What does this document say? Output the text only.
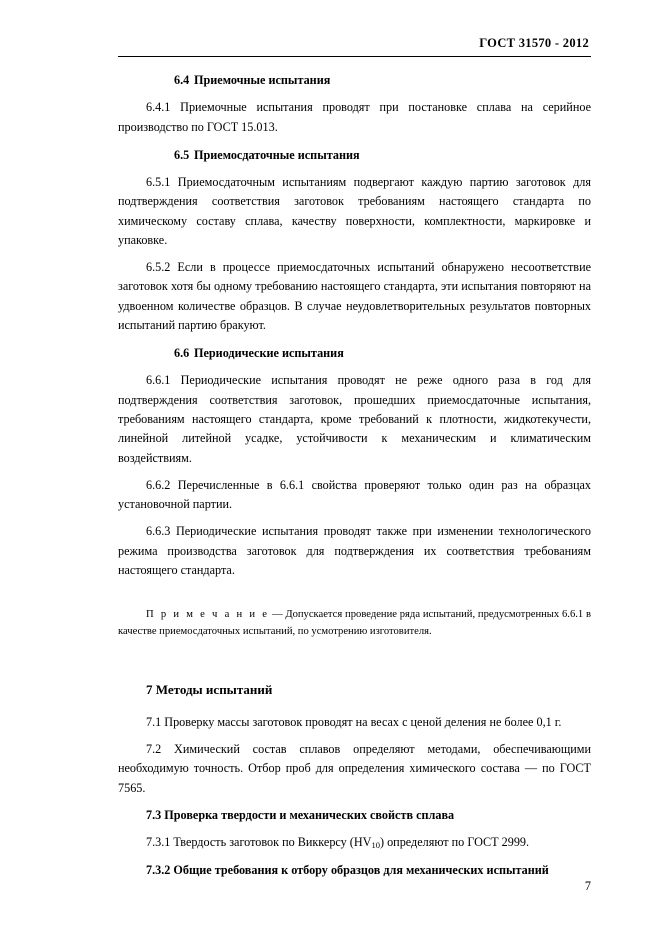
ГОСТ 31570 - 2012

6.4 Приемочные испытания

6.4.1 Приемочные испытания проводят при постановке сплава на серийное производство по ГОСТ 15.013.

6.5 Приемосдаточные испытания

6.5.1 Приемосдаточным испытаниям подвергают каждую партию заготовок для подтверждения соответствия заготовок требованиям настоящего стандарта по химическому составу сплава, качеству поверхности, комплектности, маркировке и упаковке.

6.5.2 Если в процессе приемосдаточных испытаний обнаружено несоответствие заготовок хотя бы одному требованию настоящего стандарта, эти испытания повторяют на удвоенном количестве образцов. В случае неудовлетворительных результатов повторных испытаний партию бракуют.

6.6 Периодические испытания

6.6.1 Периодические испытания проводят не реже одного раза в год для подтверждения соответствия заготовок, прошедших приемосдаточные испытания, требованиям настоящего стандарта, кроме требований к плотности, жидкотекучести, линейной литейной усадке, устойчивости к механическим и климатическим воздействиям.

6.6.2 Перечисленные в 6.6.1 свойства проверяют только один раз на образцах установочной партии.

6.6.3 Периодические испытания проводят также при изменении технологического режима производства заготовок для подтверждения их соответствия требованиям настоящего стандарта.

П р и м е ч а н и е — Допускается проведение ряда испытаний, предусмотренных 6.6.1 в качестве приемосдаточных испытаний, по усмотрению изготовителя.

7 Методы испытаний

7.1 Проверку массы заготовок проводят на весах с ценой деления не более 0,1 г.

7.2 Химический состав сплавов определяют методами, обеспечивающими необходимую точность. Отбор проб для определения химического состава — по ГОСТ 7565.

7.3 Проверка твердости и механических свойств сплава

7.3.1 Твердость заготовок по Виккерсу $(HV_{10})$ определяют по ГОСТ 2999.

7.3.2 Общие требования к отбору образцов для механических испытаний

7
